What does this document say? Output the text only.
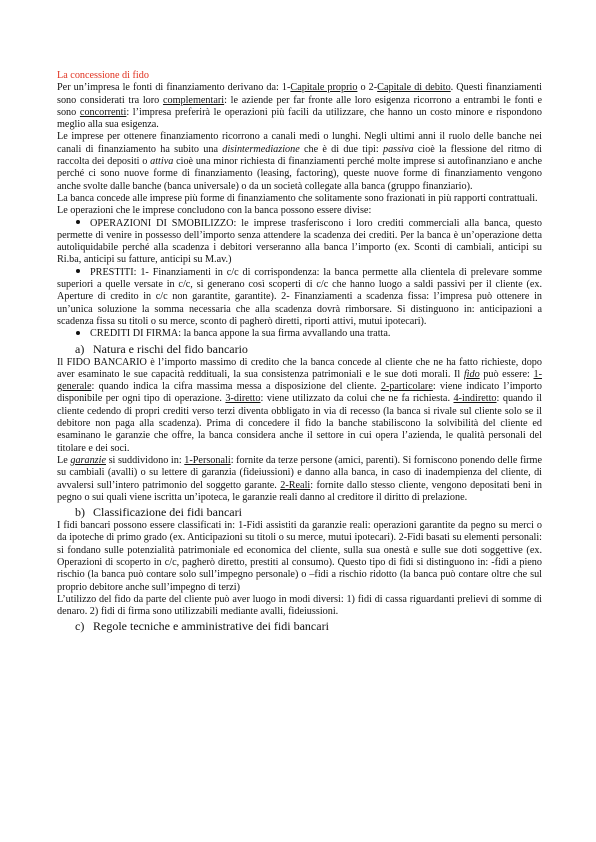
La concessione di fido

Per un’impresa le fonti di finanziamento derivano da: 1-Capitale proprio o 2-Capitale di debito. Questi finanziamenti sono considerati tra loro complementari: le aziende per far fronte alle loro esigenza ricorrono a entrambi le fonti e sono concorrenti: l’impresa preferirà le operazioni più facili da utilizzare, che hanno un costo minore e rispondono meglio alla sua esigenza.

Le imprese per ottenere finanziamento ricorrono a canali medi o lunghi. Negli ultimi anni il ruolo delle banche nei canali di finanziamento ha subito una disintermediazione che è di due tipi: passiva cioè la flessione del ritmo di raccolta dei depositi o attiva cioè una minor richiesta di finanziamenti perché molte imprese si autofinanziano e anche perché ci sono nuove forme di finanziamento (leasing, factoring), queste nuove forme di finanziamento vengono anche svolte dalle banche (banca universale) o da un società collegate alla banca (gruppo finanziario).

La banca concede alle imprese più forme di finanziamento che solitamente sono frazionati in più rapporti contrattuali.

Le operazioni che le imprese concludono con la banca possono essere divise:

OPERAZIONI DI SMOBILIZZO: le imprese trasferiscono i loro crediti commerciali alla banca, questo permette di venire in possesso dell’importo senza attendere la scadenza dei crediti. Per la banca è un’operazione detta autoliquidabile perché alla scadenza i debitori verseranno alla banca l’importo (ex. Sconti di cambiali, anticipi su Ri.ba, anticipi su fatture, anticipi su M.av.)

PRESTITI: 1- Finanziamenti in c/c di corrispondenza: la banca permette alla clientela di prelevare somme superiori a quelle versate in c/c, si generano così scoperti di c/c che hanno luogo a saldi passivi per il cliente (ex. Aperture di credito in c/c non garantite, garantite). 2- Finanziamenti a scadenza fissa: l’impresa può ottenere in un’unica soluzione la somma necessaria che alla scadenza dovrà rimborsare. Si distinguono in: anticipazioni a scadenza fissa su titoli o su merce, sconto di pagherò diretti, riporti attivi, mutui ipotecari).

CREDITI DI FIRMA: la banca appone la sua firma avvallando una tratta.

a) Natura e rischi del fido bancario

Il FIDO BANCARIO è l’importo massimo di credito che la banca concede al cliente che ne ha fatto richieste, dopo aver esaminato le sue capacità reddituali, la sua consistenza patrimoniali e le sue doti morali. Il fido può essere: 1-generale: quando indica la cifra massima messa a disposizione del cliente. 2-particolare: viene indicato l’importo disponibile per ogni tipo di operazione. 3-diretto: viene utilizzato da colui che ne fa richiesta. 4-indiretto: quando il cliente cedendo di propri crediti verso terzi diventa obbligato in via di recesso (la banca si rivale sul cliente solo se il debitore non paga alla scadenza). Prima di concedere il fido la banche stabiliscono la solvibilità del cliente ed esaminano le garanzie che offre, la banca considera anche il settore in cui opera l’azienda, le qualità personali del titolare e dei soci.

Le garanzie si suddividono in: 1-Personali: fornite da terze persone (amici, parenti). Si forniscono ponendo delle firme su cambiali (avalli) o su lettere di garanzia (fideiussioni) e danno alla banca, in caso di inadempienza del cliente, di avvalersi sull’intero patrimonio del soggetto garante. 2-Reali: fornite dallo stesso cliente, vengono depositati beni in pegno o sui quali viene iscritta un’ipoteca, le garanzie reali danno al creditore il diritto di prelazione.

b) Classificazione dei fidi bancari

I fidi bancari possono essere classificati in: 1-Fidi assistiti da garanzie reali: operazioni garantite da pegno su merci o da ipoteche di primo grado (ex. Anticipazioni su titoli o su merce, mutui ipotecari). 2-Fidi basati su elementi personali: si fondano sulle potenzialità patrimoniale ed economica del cliente, sulla sua onestà e sulle sue doti soggettive (ex. Operazioni di scoperto in c/c, pagherò diretto, prestiti al consumo). Questo tipo di fidi si distinguono in: -fidi a pieno rischio (la banca può contare solo sull’impegno personale) o –fidi a rischio ridotto (la banca può contare oltre che sul proprio debitore anche sull’impegno di terzi)

L’utilizzo del fido da parte del cliente può aver luogo in modi diversi: 1) fidi di cassa riguardanti prelievi di somme di denaro. 2) fidi di firma sono utilizzabili mediante avalli, fideiussioni.

c) Regole tecniche e amministrative dei fidi bancari
